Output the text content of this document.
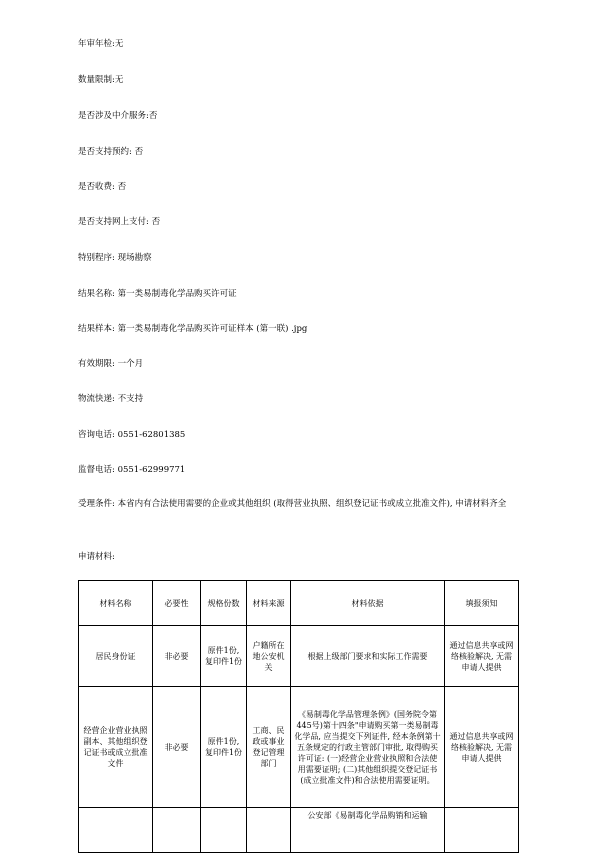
年审年检:无
数量限制:无
是否涉及中介服务:否
是否支持预约: 否
是否收费: 否
是否支持网上支付: 否
特别程序: 现场勘察
结果名称: 第一类易制毒化学品购买许可证
结果样本: 第一类易制毒化学品购买许可证样本 (第一联) .jpg
有效期限: 一个月
物流快递: 不支持
咨询电话: 0551-62801385
监督电话: 0551-62999771
受理条件: 本省内有合法使用需要的企业或其他组织 (取得营业执照、组织登记证书或成立批准文件), 申请材料齐全
申请材料:
材料名称	必要性	规格份数	材料来源	材料依据	填报须知
居民身份证	非必要	原件1份,复印件1份	户籍所在地公安机关	根据上级部门要求和实际工作需要	通过信息共享或网络核验解决, 无需申请人提供
经营企业营业执照副本、其他组织登记证书或成立批准文件	非必要	原件1份,复印件1份	工商、民政或事业登记管理部门	《易制毒化学品管理条例》(国务院令第445号)第十四条"申请购买第一类易制毒化学品, 应当提交下列证件, 经本条例第十五条规定的行政主管部门审批, 取得购买许可证: (一)经营企业营业执照和合法使用需要证明; (二)其他组织提交登记证书(成立批准文件)和合法使用需要证明。	通过信息共享或网络核验解决, 无需申请人提供
				公安部《易制毒化学品购销和运输	
